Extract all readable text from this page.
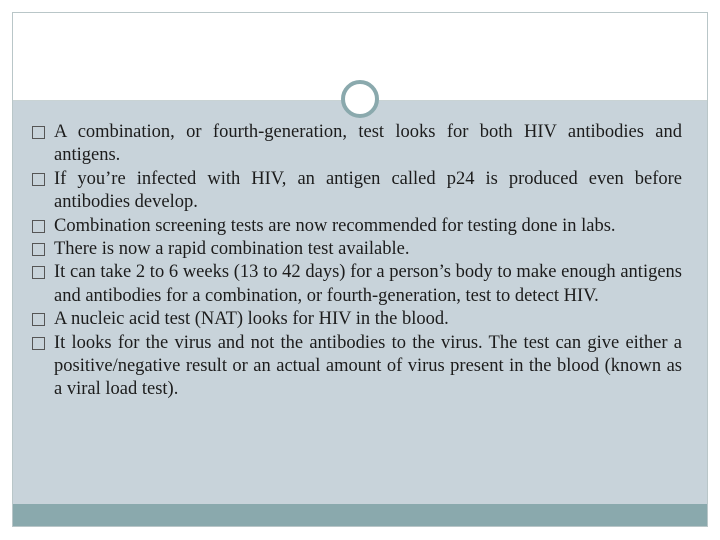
A combination, or fourth-generation, test looks for both HIV antibodies and antigens.
If you’re infected with HIV, an antigen called p24 is produced even before antibodies develop.
Combination screening tests are now recommended for testing done in labs.
There is now a rapid combination test available.
It can take 2 to 6 weeks (13 to 42 days) for a person’s body to make enough antigens and antibodies for a combination, or fourth-generation, test to detect HIV.
A nucleic acid test (NAT) looks for HIV in the blood.
It looks for the virus and not the antibodies to the virus. The test can give either a positive/negative result or an actual amount of virus present in the blood (known as a viral load test).
